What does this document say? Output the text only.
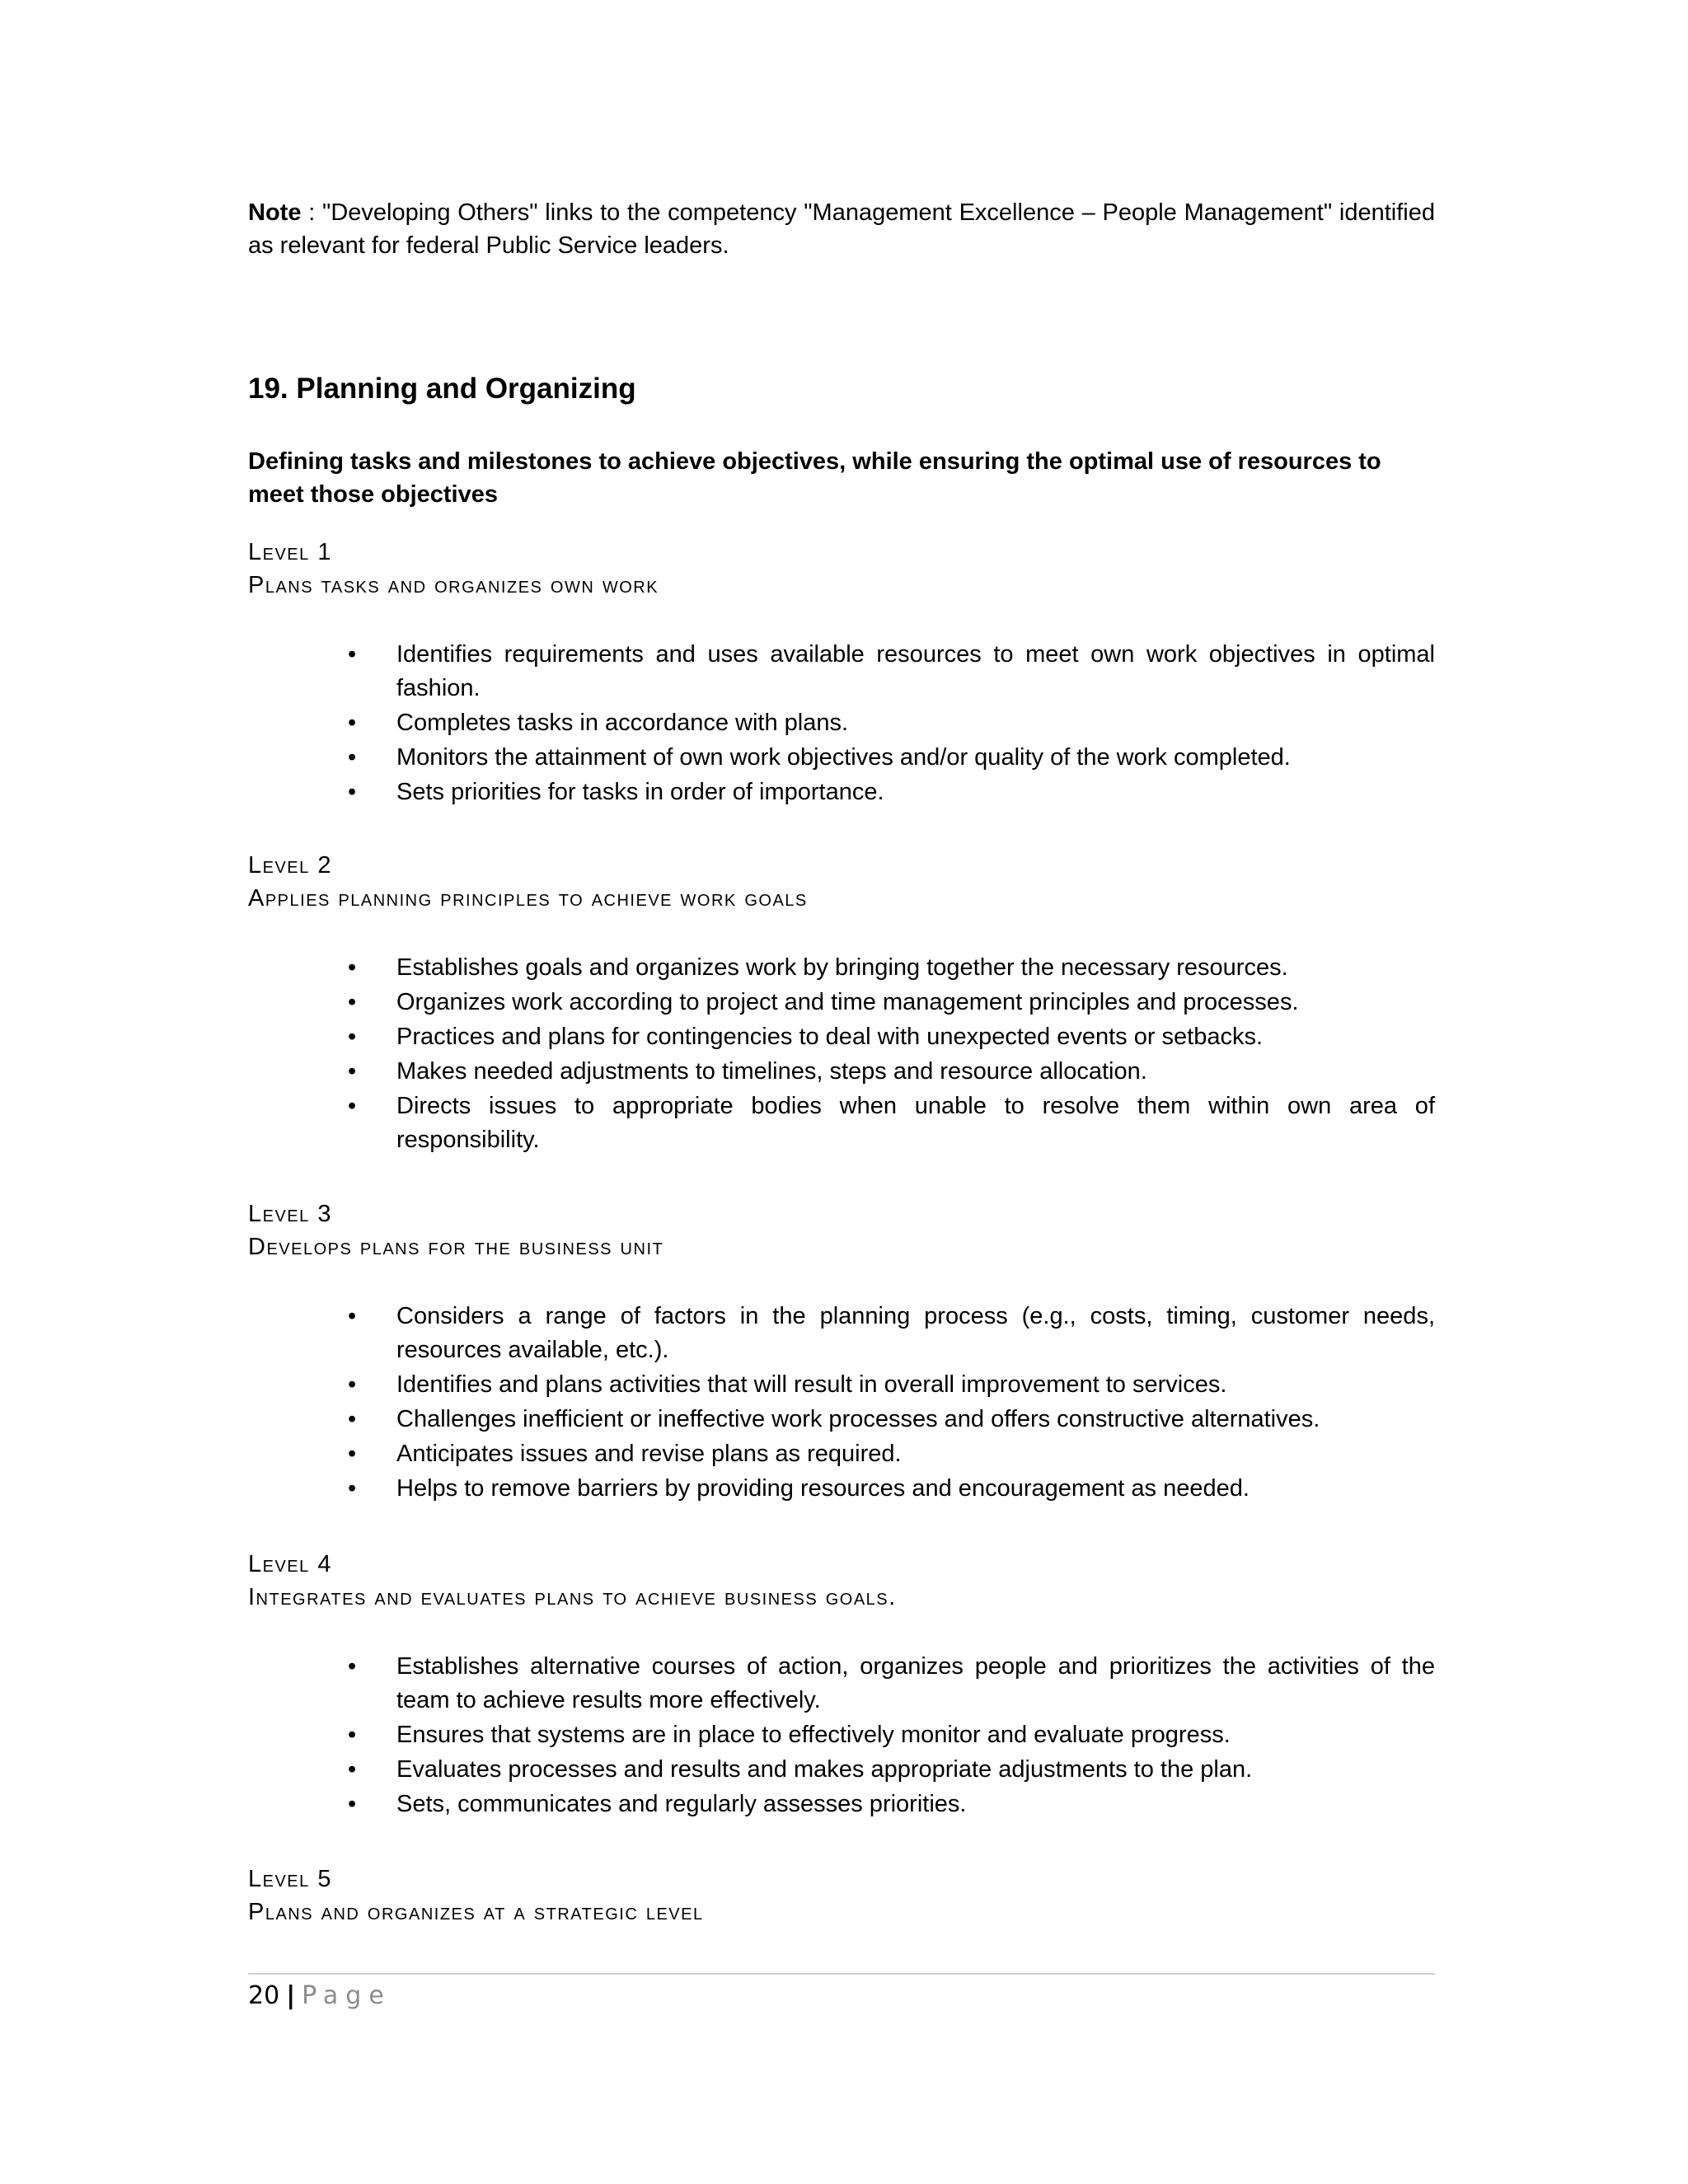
Note : "Developing Others" links to the competency "Management Excellence – People Management" identified as relevant for federal Public Service leaders.

19. Planning and Organizing

Defining tasks and milestones to achieve objectives, while ensuring the optimal use of resources to meet those objectives

Level 1

Plans tasks and organizes own work

• Identifies requirements and uses available resources to meet own work objectives in optimal fashion.
• Completes tasks in accordance with plans.
• Monitors the attainment of own work objectives and/or quality of the work completed.
• Sets priorities for tasks in order of importance.

Level 2

Applies planning principles to achieve work goals

• Establishes goals and organizes work by bringing together the necessary resources.
• Organizes work according to project and time management principles and processes.
• Practices and plans for contingencies to deal with unexpected events or setbacks.
• Makes needed adjustments to timelines, steps and resource allocation.
• Directs issues to appropriate bodies when unable to resolve them within own area of responsibility.

Level 3

Develops plans for the business unit

• Considers a range of factors in the planning process (e.g., costs, timing, customer needs, resources available, etc.).
• Identifies and plans activities that will result in overall improvement to services.
• Challenges inefficient or ineffective work processes and offers constructive alternatives.
• Anticipates issues and revise plans as required.
• Helps to remove barriers by providing resources and encouragement as needed.

Level 4

Integrates and evaluates plans to achieve business goals.

• Establishes alternative courses of action, organizes people and prioritizes the activities of the team to achieve results more effectively.
• Ensures that systems are in place to effectively monitor and evaluate progress.
• Evaluates processes and results and makes appropriate adjustments to the plan.
• Sets, communicates and regularly assesses priorities.

Level 5

Plans and organizes at a strategic level

20 | Page
